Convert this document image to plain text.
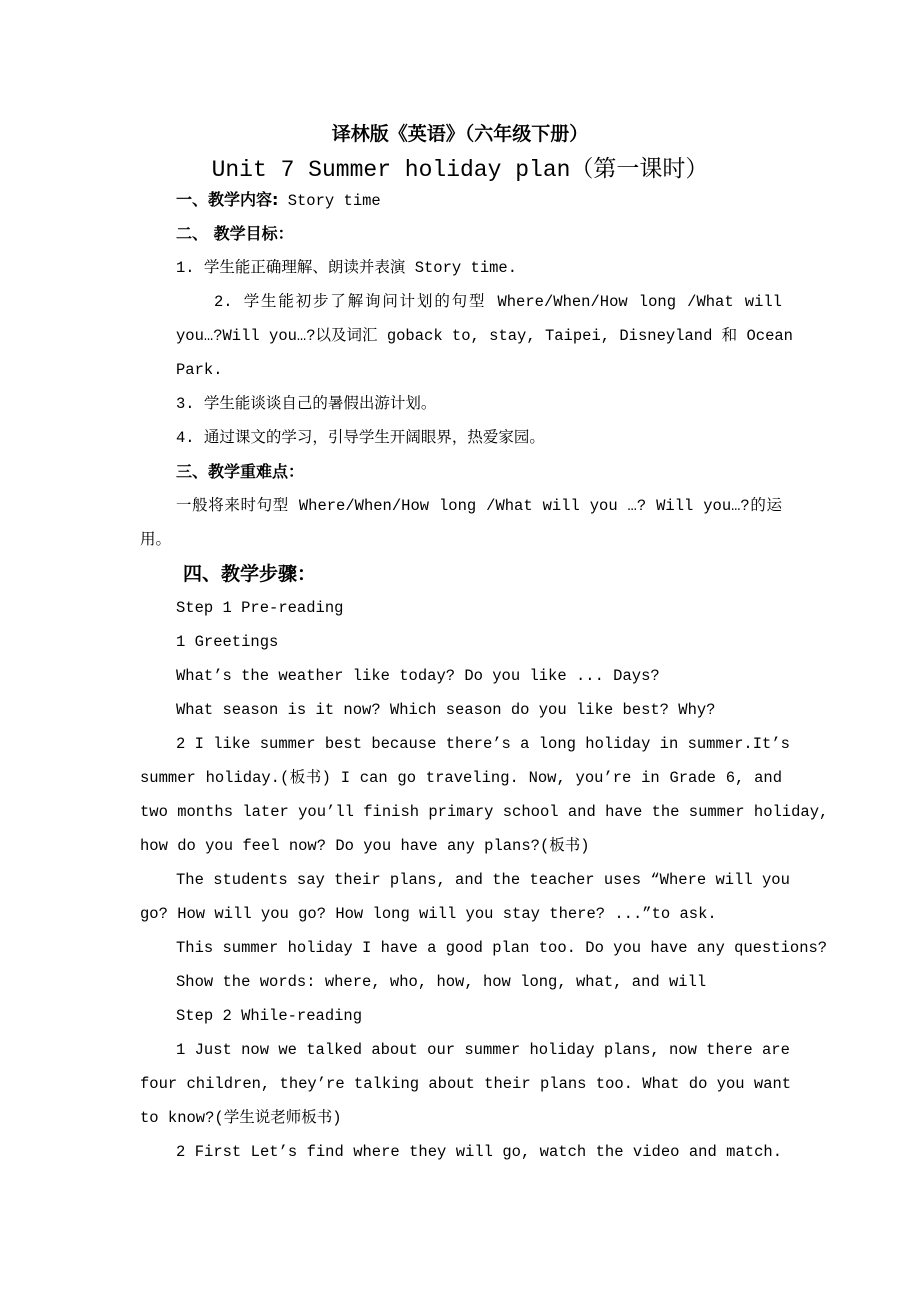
译林版《英语》（六年级下册）
Unit 7 Summer holiday plan（第一课时）
一、教学内容: Story time
二、 教学目标：
1. 学生能正确理解、朗读并表演 Story time.
2. 学生能初步了解询问计划的句型 Where/When/How long /What will
you…?Will you…?以及词汇 goback to, stay, Taipei, Disneyland 和 Ocean
Park.
3. 学生能谈谈自己的暑假出游计划。
4. 通过课文的学习，引导学生开阔眼界，热爱家园。
三、教学重难点：
一般将来时句型 Where/When/How long /What will you …? Will you…?的运
用。
四、教学步骤：
Step 1 Pre-reading
1 Greetings
What’s the weather like today? Do you like ... Days?
What season is it now? Which season do you like best? Why?
2 I like summer best because there’s a long holiday in summer.It’s
summer holiday.(板书) I can go traveling. Now, you’re in Grade 6, and
two months later you’ll finish primary school and have the summer holiday,
how do you feel now? Do you have any plans?(板书)
The students say their plans, and the teacher uses “Where will you
go? How will you go? How long will you stay there? ...”to ask.
This summer holiday I have a good plan too. Do you have any questions?
Show the words: where, who, how, how long, what, and will
Step 2 While-reading
1 Just now we talked about our summer holiday plans, now there are
four children, they’re talking about their plans too. What do you want
to know?(学生说老师板书)
2 First Let’s find where they will go, watch the video and match.
